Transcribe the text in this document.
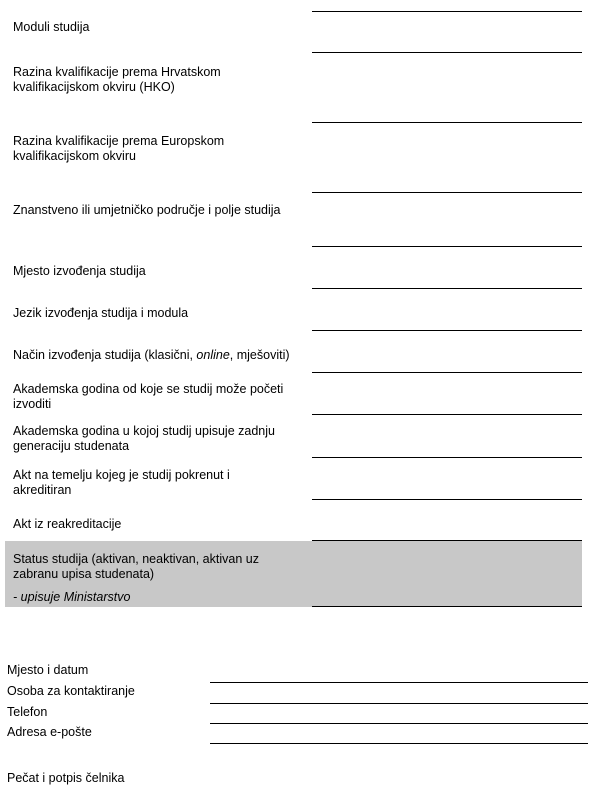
Moduli studija
Razina kvalifikacije prema Hrvatskom kvalifikacijskom okviru (HKO)
Razina kvalifikacije prema Europskom kvalifikacijskom okviru
Znanstveno ili umjetničko područje i polje studija
Mjesto izvođenja studija
Jezik izvođenja studija i modula
Način izvođenja studija (klasični, online, mješoviti)
Akademska godina od koje se studij može početi izvoditi
Akademska godina u kojoj studij upisuje zadnju generaciju studenata
Akt na temelju kojeg je studij pokrenut i akreditiran
Akt iz reakreditacije
Status studija (aktivan, neaktivan, aktivan uz zabranu upisa studenata)
- upisuje Ministarstvo
Mjesto i datum
Osoba za kontaktiranje
Telefon
Adresa e-pošte
Pečat i potpis čelnika
